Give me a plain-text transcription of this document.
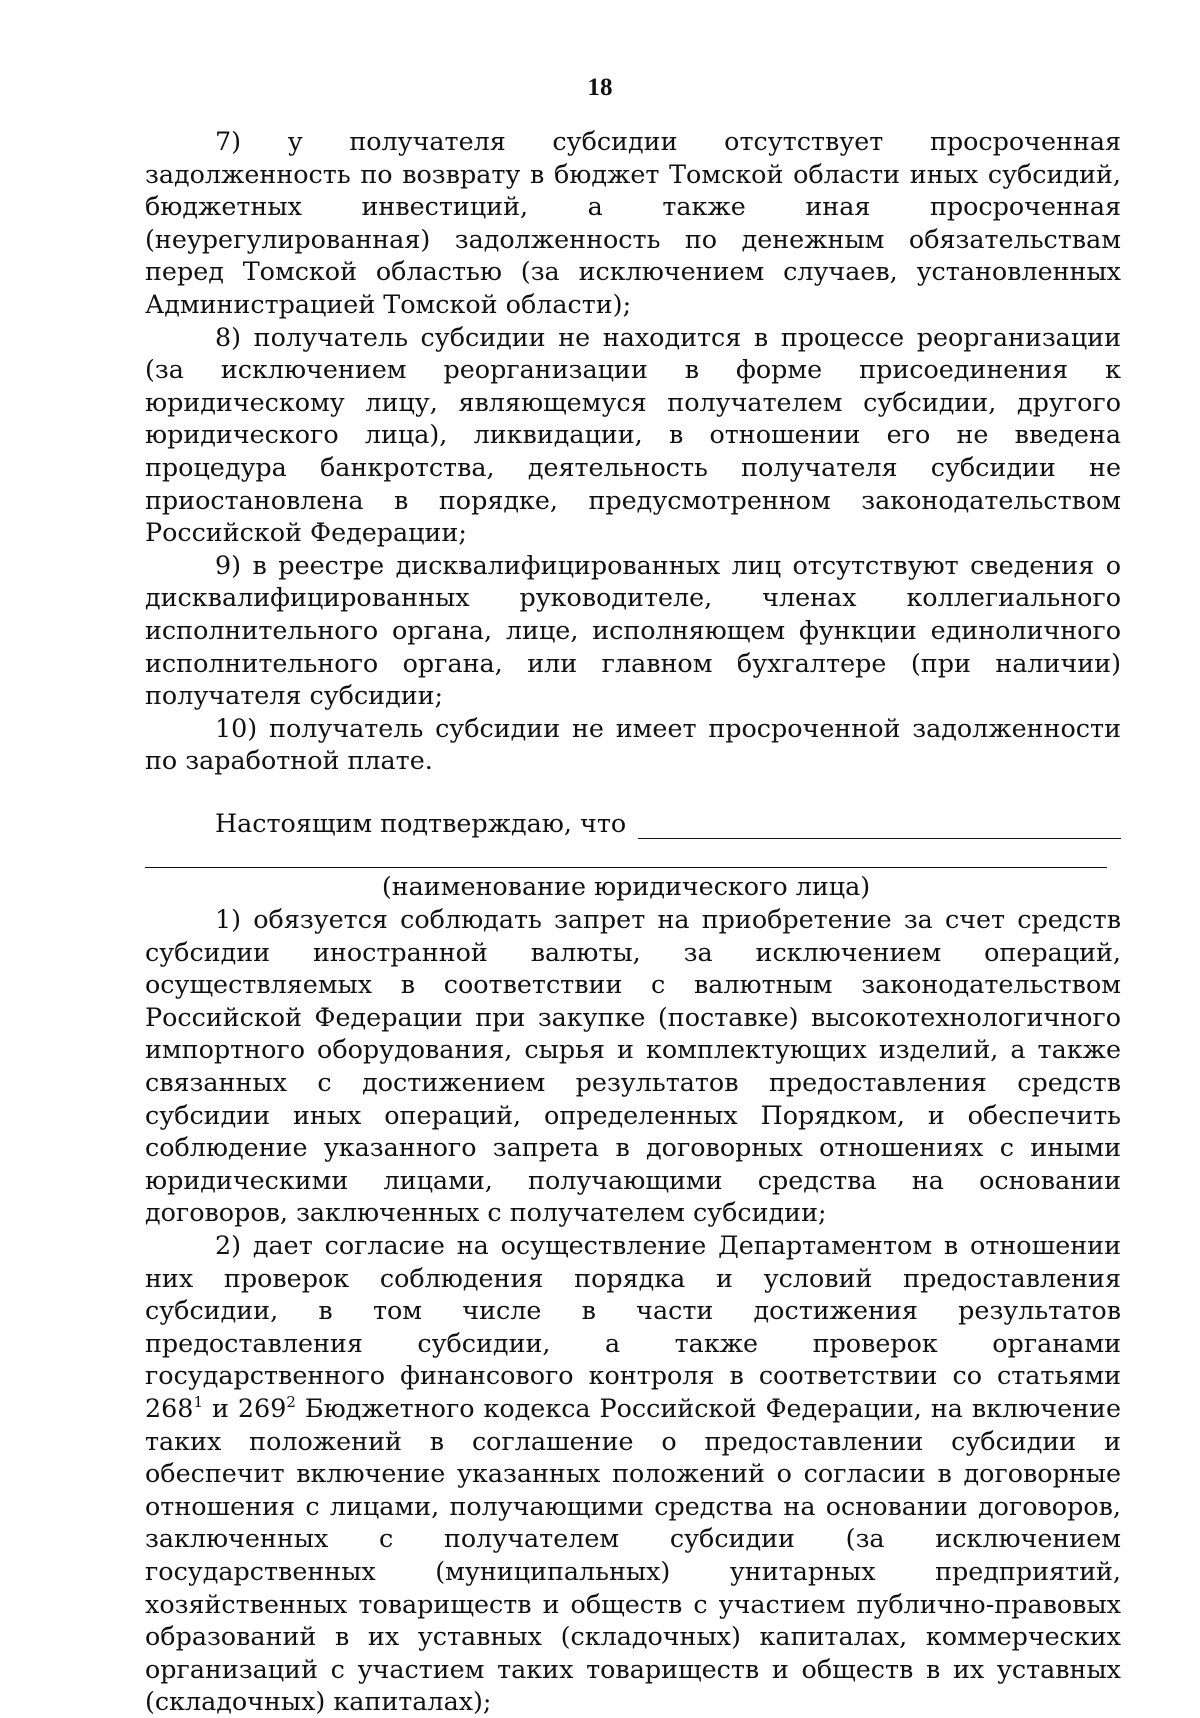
18

7) у получателя субсидии отсутствует просроченная задолженность по возврату в бюджет Томской области иных субсидий, бюджетных инвестиций, а также иная просроченная (неурегулированная) задолженность по денежным обязательствам перед Томской областью (за исключением случаев, установленных Администрацией Томской области);

8) получатель субсидии не находится в процессе реорганизации (за исключением реорганизации в форме присоединения к юридическому лицу, являющемуся получателем субсидии, другого юридического лица), ликвидации, в отношении его не введена процедура банкротства, деятельность получателя субсидии не приостановлена в порядке, предусмотренном законодательством Российской Федерации;

9) в реестре дисквалифицированных лиц отсутствуют сведения о дисквалифицированных руководителе, членах коллегиального исполнительного органа, лице, исполняющем функции единоличного исполнительного органа, или главном бухгалтере (при наличии) получателя субсидии;

10) получатель субсидии не имеет просроченной задолженности по заработной плате.

Настоящим подтверждаю, что
(наименование юридического лица)

1) обязуется соблюдать запрет на приобретение за счет средств субсидии иностранной валюты, за исключением операций, осуществляемых в соответствии с валютным законодательством Российской Федерации при закупке (поставке) высокотехнологичного импортного оборудования, сырья и комплектующих изделий, а также связанных с достижением результатов предоставления средств субсидии иных операций, определенных Порядком, и обеспечить соблюдение указанного запрета в договорных отношениях с иными юридическими лицами, получающими средства на основании договоров, заключенных с получателем субсидии;

2) дает согласие на осуществление Департаментом в отношении них проверок соблюдения порядка и условий предоставления субсидии, в том числе в части достижения результатов предоставления субсидии, а также проверок органами государственного финансового контроля в соответствии со статьями $268^1$ и $269^2$ Бюджетного кодекса Российской Федерации, на включение таких положений в соглашение о предоставлении субсидии и обеспечит включение указанных положений о согласии в договорные отношения с лицами, получающими средства на основании договоров, заключенных с получателем субсидии (за исключением государственных (муниципальных) унитарных предприятий, хозяйственных товариществ и обществ с участием публично-правовых образований в их уставных (складочных) капиталах, коммерческих организаций с участием таких товариществ и обществ в их уставных (складочных) капиталах);
